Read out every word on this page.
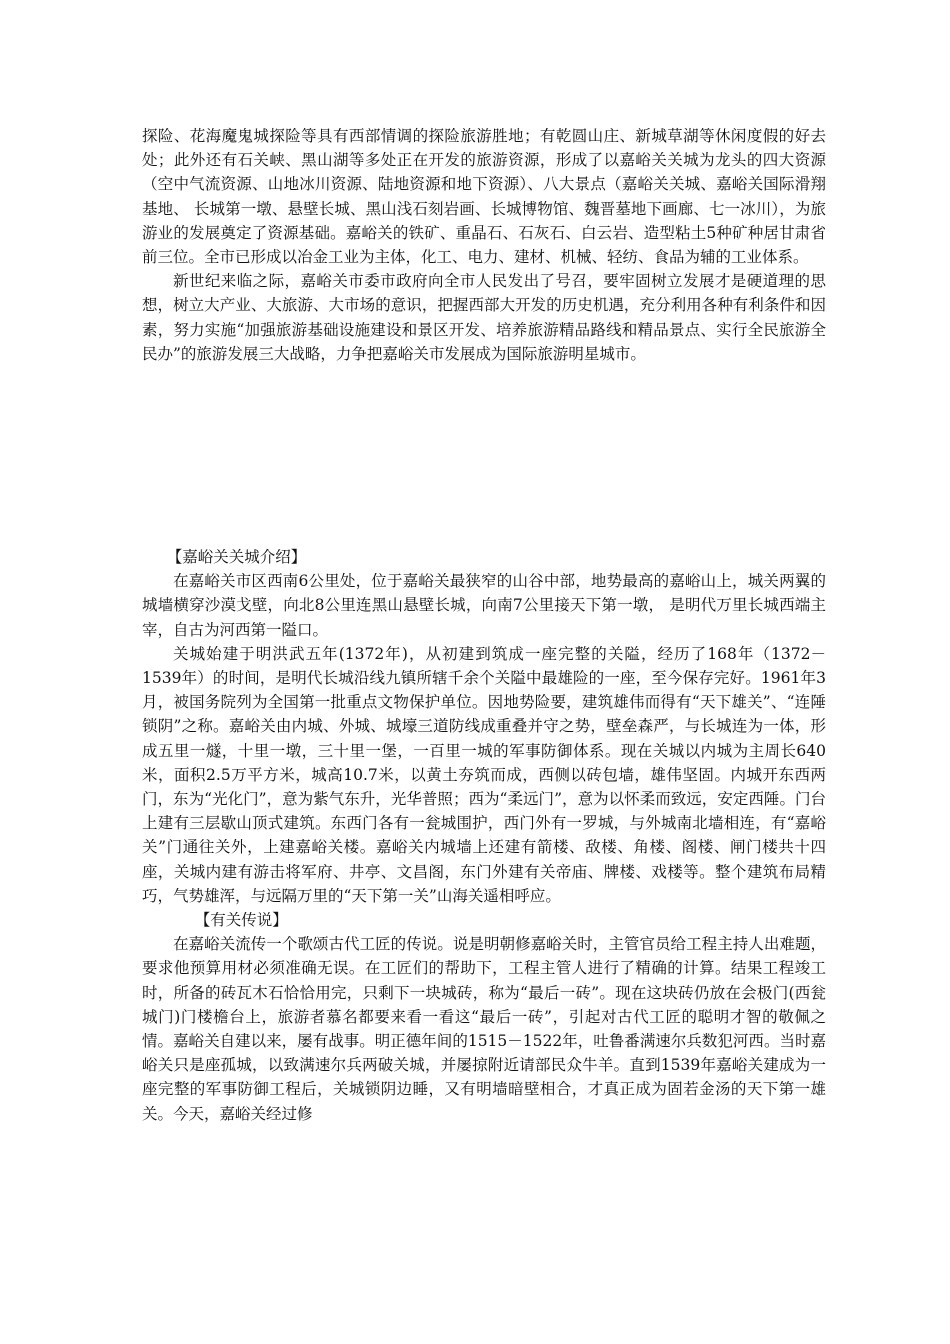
探险、花海魔鬼城探险等具有西部情调的探险旅游胜地；有乾圆山庄、新城草湖等休闲度假的好去处；此外还有石关峡、黑山湖等多处正在开发的旅游资源，形成了以嘉峪关关城为龙头的四大资源（空中气流资源、山地冰川资源、陆地资源和地下资源）、八大景点（嘉峪关关城、嘉峪关国际滑翔基地、 长城第一墩、悬壁长城、黑山浅石刻岩画、长城博物馆、魏晋墓地下画廊、七一冰川），为旅游业的发展奠定了资源基础。嘉峪关的铁矿、重晶石、石灰石、白云岩、造型粘土5种矿种居甘肃省前三位。全市已形成以冶金工业为主体，化工、电力、建材、机械、轻纺、食品为辅的工业体系。

新世纪来临之际，嘉峪关市委市政府向全市人民发出了号召，要牢固树立发展才是硬道理的思想，树立大产业、大旅游、大市场的意识，把握西部大开发的历史机遇，充分利用各种有利条件和因素，努力实施“加强旅游基础设施建设和景区开发、培养旅游精品路线和精品景点、实行全民旅游全民办”的旅游发展三大战略，力争把嘉峪关市发展成为国际旅游明星城市。

【嘉峪关关城介绍】

在嘉峪关市区西南6公里处，位于嘉峪关最狭窄的山谷中部，地势最高的嘉峪山上，城关两翼的城墙横穿沙漠戈壁，向北8公里连黑山悬壁长城，向南7公里接天下第一墩， 是明代万里长城西端主宰，自古为河西第一隘口。

关城始建于明洪武五年(1372年)，从初建到筑成一座完整的关隘，经历了168年（1372－1539年）的时间，是明代长城沿线九镇所辖千余个关隘中最雄险的一座，至今保存完好。1961年3月，被国务院列为全国第一批重点文物保护单位。因地势险要，建筑雄伟而得有“天下雄关”、“连陲锁阴”之称。嘉峪关由内城、外城、城壕三道防线成重叠并守之势，壁垒森严，与长城连为一体，形成五里一燧，十里一墩，三十里一堡，一百里一城的军事防御体系。现在关城以内城为主周长640米，面积2.5万平方米，城高10.7米，以黄土夯筑而成，西侧以砖包墙，雄伟坚固。内城开东西两门，东为“光化门”，意为紫气东升，光华普照；西为“柔远门”，意为以怀柔而致远，安定西陲。门台上建有三层歇山顶式建筑。东西门各有一瓮城围护，西门外有一罗城，与外城南北墙相连，有“嘉峪关”门通往关外，上建嘉峪关楼。嘉峪关内城墙上还建有箭楼、敌楼、角楼、阁楼、闸门楼共十四座，关城内建有游击将军府、井亭、文昌阁，东门外建有关帝庙、牌楼、戏楼等。整个建筑布局精巧，气势雄浑，与远隔万里的“天下第一关”山海关遥相呼应。

【有关传说】

在嘉峪关流传一个歌颂古代工匠的传说。说是明朝修嘉峪关时，主管官员给工程主持人出难题，要求他预算用材必须准确无误。在工匠们的帮助下，工程主管人进行了精确的计算。结果工程竣工时，所备的砖瓦木石恰恰用完，只剩下一块城砖，称为“最后一砖”。现在这块砖仍放在会极门(西瓮城门)门楼檐台上，旅游者慕名都要来看一看这“最后一砖”，引起对古代工匠的聪明才智的敬佩之情。嘉峪关自建以来，屡有战事。明正德年间的1515－1522年，吐鲁番满速尔兵数犯河西。当时嘉峪关只是座孤城，以致满速尔兵两破关城，并屡掠附近请部民众牛羊。直到1539年嘉峪关建成为一座完整的军事防御工程后，关城锁阴边睡，又有明墙暗壁相合，才真正成为固若金汤的天下第一雄关。今天，嘉峪关经过修
